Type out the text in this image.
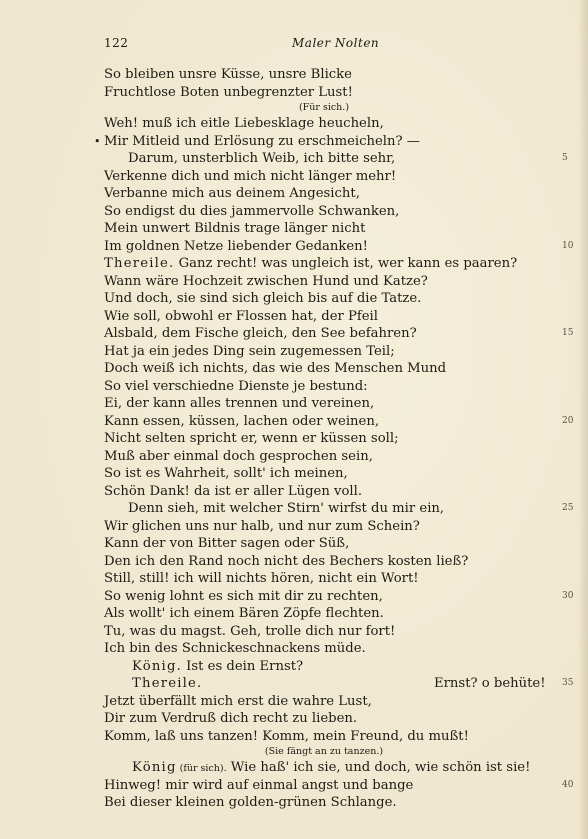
122	Maler Nolten
So bleiben unsre Küsse, unsre Blicke
Fruchtlose Boten unbegrenzter Lust!
(Für sich.)
Weh! muß ich eitle Liebesklage heucheln,
• Mir Mitleid und Erlösung zu erschmeicheln? —
Darum, unsterblich Weib, ich bitte sehr,	5
Verkenne dich und mich nicht länger mehr!
Verbanne mich aus deinem Angesicht,
So endigst du dies jammervolle Schwanken,
Mein unwert Bildnis trage länger nicht
Im goldnen Netze liebender Gedanken!	10
Thereile. Ganz recht! was ungleich ist, wer kann es paaren?
Wann wäre Hochzeit zwischen Hund und Katze?
Und doch, sie sind sich gleich bis auf die Tatze.
Wie soll, obwohl er Flossen hat, der Pfeil
Alsbald, dem Fische gleich, den See befahren?	15
Hat ja ein jedes Ding sein zugemessen Teil;
Doch weiß ich nichts, das wie des Menschen Mund
So viel verschiedne Dienste je bestund:
Ei, der kann alles trennen und vereinen,
Kann essen, küssen, lachen oder weinen,	20
Nicht selten spricht er, wenn er küssen soll;
Muß aber einmal doch gesprochen sein,
So ist es Wahrheit, sollt' ich meinen,
Schön Dank! da ist er aller Lügen voll.
Denn sieh, mit welcher Stirn' wirfst du mir ein,	25
Wir glichen uns nur halb, und nur zum Schein?
Kann der von Bitter sagen oder Süß,
Den ich den Rand noch nicht des Bechers kosten ließ?
Still, still! ich will nichts hören, nicht ein Wort!
So wenig lohnt es sich mit dir zu rechten,	30
Als wollt' ich einem Bären Zöpfe flechten.
Tu, was du magst. Geh, trolle dich nur fort!
Ich bin des Schnickeschnackens müde.
König. Ist es dein Ernst?
Thereile.	Ernst? o behüte! 35
Jetzt überfällt mich erst die wahre Lust,
Dir zum Verdruß dich recht zu lieben.
Komm, laß uns tanzen! Komm, mein Freund, du mußt!
(Sie fängt an zu tanzen.)
König (für sich). Wie haß' ich sie, und doch, wie schön ist sie!
Hinweg! mir wird auf einmal angst und bange	40
Bei dieser kleinen golden-grünen Schlange.
